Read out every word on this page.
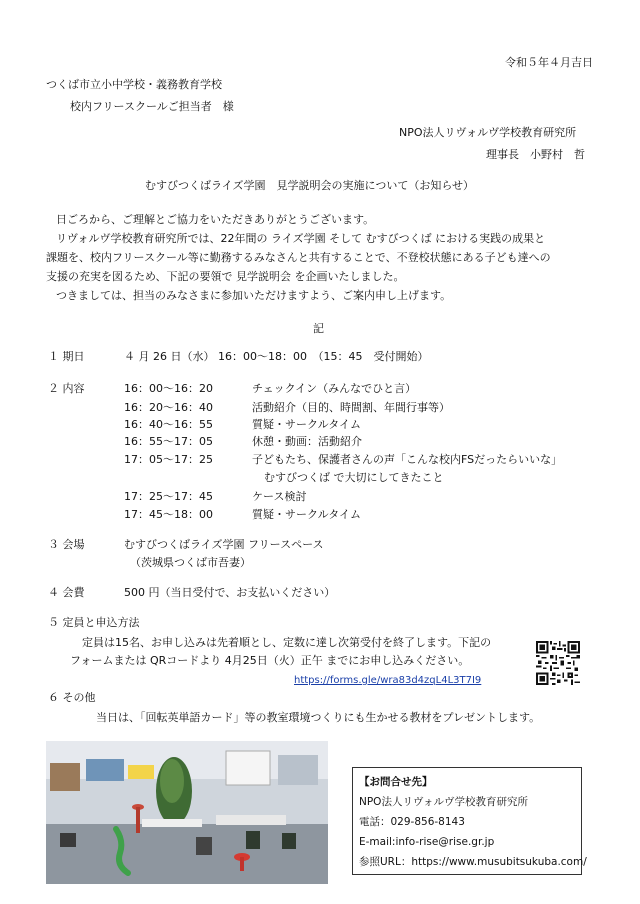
令和５年４月吉日
つくば市立小中学校・義務教育学校
校内フリースクールご担当者　様
NPO法人リヴォルヴ学校教育研究所
理事長　小野村　哲
むすびつくばライズ学園　見学説明会の実施について（お知らせ）
日ごろから、ご理解とご協力をいただきありがとうございます。
リヴォルヴ学校教育研究所では、22年間の ライズ学園 そして むすびつくば における実践の成果と
課題を、校内フリースクール等に勤務するみなさんと共有することで、不登校状態にある子ども達への
支援の充実を図るため、下記の要領で 見学説明会 を企画いたしました。
つきましては、担当のみなさまに参加いただけますよう、ご案内申し上げます。
記
１ 期日	４ 月 26 日（水） 16：00～18：00　（15：45　受付開始）
２ 内容	16：00～16：20	チェックイン（みんなでひと言）
16：20～16：40	活動紹介（目的、時間割、年間行事等）
16：40～16：55	質疑・サークルタイム
16：55～17：05	休憩・動画：活動紹介
17：05～17：25	子どもたち、保護者さんの声「こんな校内FSだったらいいな」
むすびつくば で大切にしてきたこと
17：25～17：45	ケース検討
17：45～18：00	質疑・サークルタイム
３ 会場	むすびつくばライズ学園 フリースペース
（茨城県つくば市吾妻）
４ 会費	500 円（当日受付で、お支払いください）
５ 定員と申込方法
定員は15名、お申し込みは先着順とし、定数に達し次第受付を終了します。下記の
フォームまたは QRコードより 4月25日（火）正午 までにお申し込みください。
https://forms.gle/wra83d4zqL4L3T7I9
６ その他
当日は、「回転英単語カード」等の教室環境つくりにも生かせる教材をプレゼントします。
【お問合せ先】
NPO法人リヴォルヴ学校教育研究所
電話：029-856-8143
E-mail:info-rise@rise.gr.jp
参照URL：https://www.musubitsukuba.com/
